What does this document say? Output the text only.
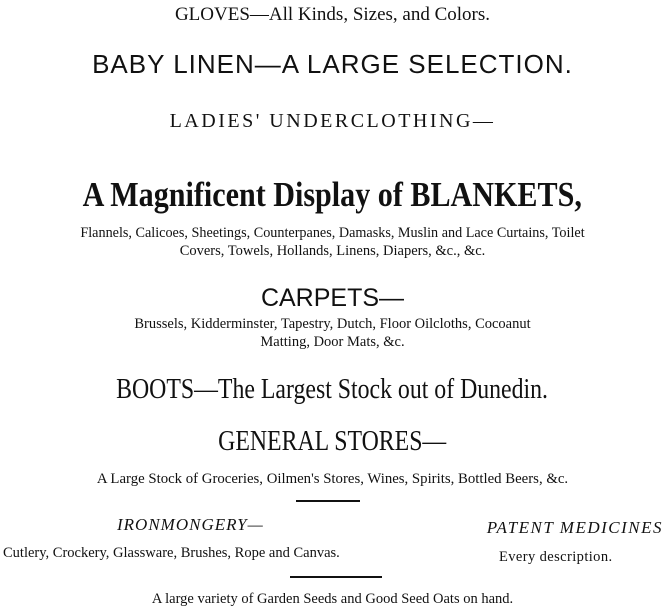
GLOVES—All Kinds, Sizes, and Colors.
BABY LINEN—A LARGE SELECTION.
LADIES' UNDERCLOTHING—
A Magnificent Display of BLANKETS,
Flannels, Calicoes, Sheetings, Counterpanes, Damasks, Muslin and Lace Curtains, Toilet
Covers, Towels, Hollands, Linens, Diapers, &c., &c.
CARPETS—
Brussels, Kidderminster, Tapestry, Dutch, Floor Oilcloths, Cocoanut
Matting, Door Mats, &c.
BOOTS—The Largest Stock out of Dunedin.
GENERAL STORES—
A Large Stock of Groceries, Oilmen's Stores, Wines, Spirits, Bottled Beers, &c.
IRONMONGERY—
Cutlery, Crockery, Glassware, Brushes, Rope and Canvas.
PATENT MEDICINES
Every description.
A large variety of Garden Seeds and Good Seed Oats on hand.
